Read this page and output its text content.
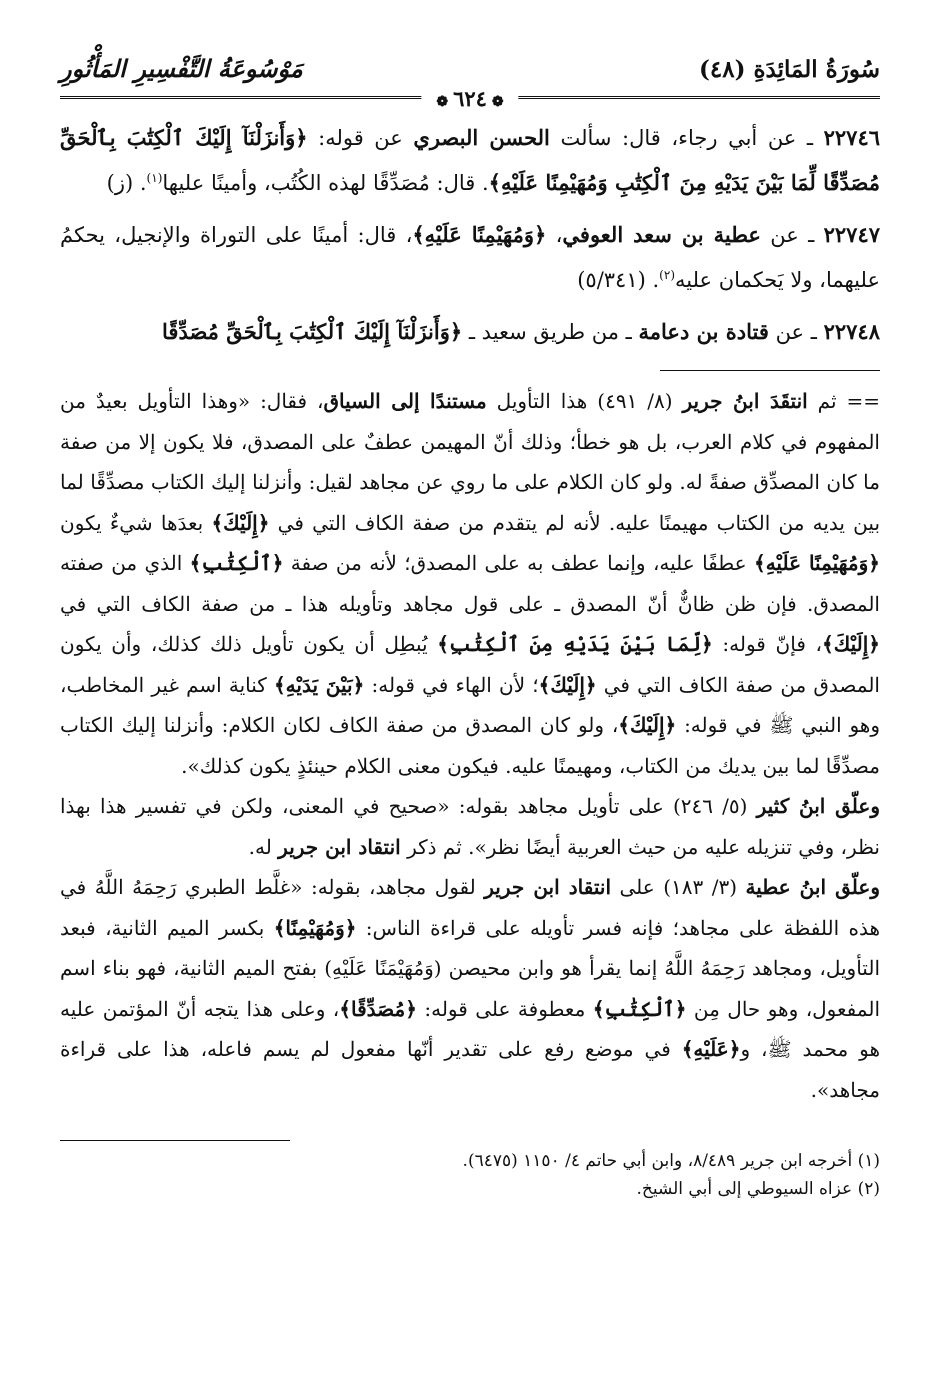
سُورَةُ المَائِدَةِ (٤٨)
مَوْسُوعَةُ التَّفْسِيرِ المَأْثُورِ
❁٦٢٤❁

٢٢٧٤٦ ـ عن أبي رجاء، قال: سألت الحسن البصري عن قوله: ﴿وَأَنزَلْنَآ إِلَيْكَ ٱلْكِتَٰبَ بِٱلْحَقِّ مُصَدِّقًا لِّمَا بَيْنَ يَدَيْهِ مِنَ ٱلْكِتَٰبِ وَمُهَيْمِنًا عَلَيْهِ﴾. قال: مُصَدِّقًا لهذه الكُتُب، وأمينًا عليها$^{(١)}$. (ز)

٢٢٧٤٧ ـ عن عطية بن سعد العوفي، ﴿وَمُهَيْمِنًا عَلَيْهِ﴾، قال: أمينًا على التوراة والإنجيل، يحكمُ عليهما، ولا يَحكمان عليه$^{(٢)}$. (٥/٣٤١)

٢٢٧٤٨ ـ عن قتادة بن دعامة ـ من طريق سعيد ـ ﴿وَأَنزَلْنَآ إِلَيْكَ ٱلْكِتَٰبَ بِٱلْحَقِّ مُصَدِّقًا

== ثم انتقَدَ ابنُ جرير (٨/ ٤٩١) هذا التأويل مستندًا إلى السياق، فقال: «وهذا التأويل بعيدٌ من المفهوم في كلام العرب، بل هو خطأ؛ وذلك أنّ المهيمن عطفٌ على المصدق، فلا يكون إلا من صفة ما كان المصدِّق صفةً له. ولو كان الكلام على ما روي عن مجاهد لقيل: وأنزلنا إليك الكتاب مصدِّقًا لما بين يديه من الكتاب مهيمنًا عليه. لأنه لم يتقدم من صفة الكاف التي في ﴿إِلَيْكَ﴾ بعدَها شيءٌ يكون ﴿وَمُهَيْمِنًا عَلَيْهِ﴾ عطفًا عليه، وإنما عطف به على المصدق؛ لأنه من صفة ﴿ٱلْكِتَٰبِ﴾ الذي من صفته المصدق. فإن ظن ظانٌّ أنّ المصدق ـ على قول مجاهد وتأويله هذا ـ من صفة الكاف التي في ﴿إِلَيْكَ﴾، فإنّ قوله: ﴿لِّمَا بَيْنَ يَدَيْهِ مِنَ ٱلْكِتَٰبِ﴾ يُبطِل أن يكون تأويل ذلك كذلك، وأن يكون المصدق من صفة الكاف التي في ﴿إِلَيْكَ﴾؛ لأن الهاء في قوله: ﴿بَيْنَ يَدَيْهِ﴾ كناية اسم غير المخاطب، وهو النبي ﷺ في قوله: ﴿إِلَيْكَ﴾، ولو كان المصدق من صفة الكاف لكان الكلام: وأنزلنا إليك الكتاب مصدِّقًا لما بين يديك من الكتاب، ومهيمنًا عليه. فيكون معنى الكلام حينئذٍ يكون كذلك».

وعلّق ابنُ كثير (٥/ ٢٤٦) على تأويل مجاهد بقوله: «صحيح في المعنى، ولكن في تفسير هذا بهذا نظر، وفي تنزيله عليه من حيث العربية أيضًا نظر». ثم ذكر انتقاد ابن جرير له.

وعلّق ابنُ عطية (٣/ ١٨٣) على انتقاد ابن جرير لقول مجاهد، بقوله: «غلَّط الطبري رَحِمَهُ اللَّهُ في هذه اللفظة على مجاهد؛ فإنه فسر تأويله على قراءة الناس: ﴿وَمُهَيْمِنًا﴾ بكسر الميم الثانية، فبعد التأويل، ومجاهد رَحِمَهُ اللَّهُ إنما يقرأ هو وابن محيصن (وَمُهَيْمَنًا عَلَيْهِ) بفتح الميم الثانية، فهو بناء اسم المفعول، وهو حال مِن ﴿ٱلْكِتَٰبِ﴾ معطوفة على قوله: ﴿مُصَدِّقًا﴾، وعلى هذا يتجه أنّ المؤتمن عليه هو محمد ﷺ، و﴿عَلَيْهِ﴾ في موضع رفع على تقدير أنّها مفعول لم يسم فاعله، هذا على قراءة مجاهد».

(١) أخرجه ابن جرير ٨/٤٨٩، وابن أبي حاتم ٤/ ١١٥٠ (٦٤٧٥).

(٢) عزاه السيوطي إلى أبي الشيخ.
